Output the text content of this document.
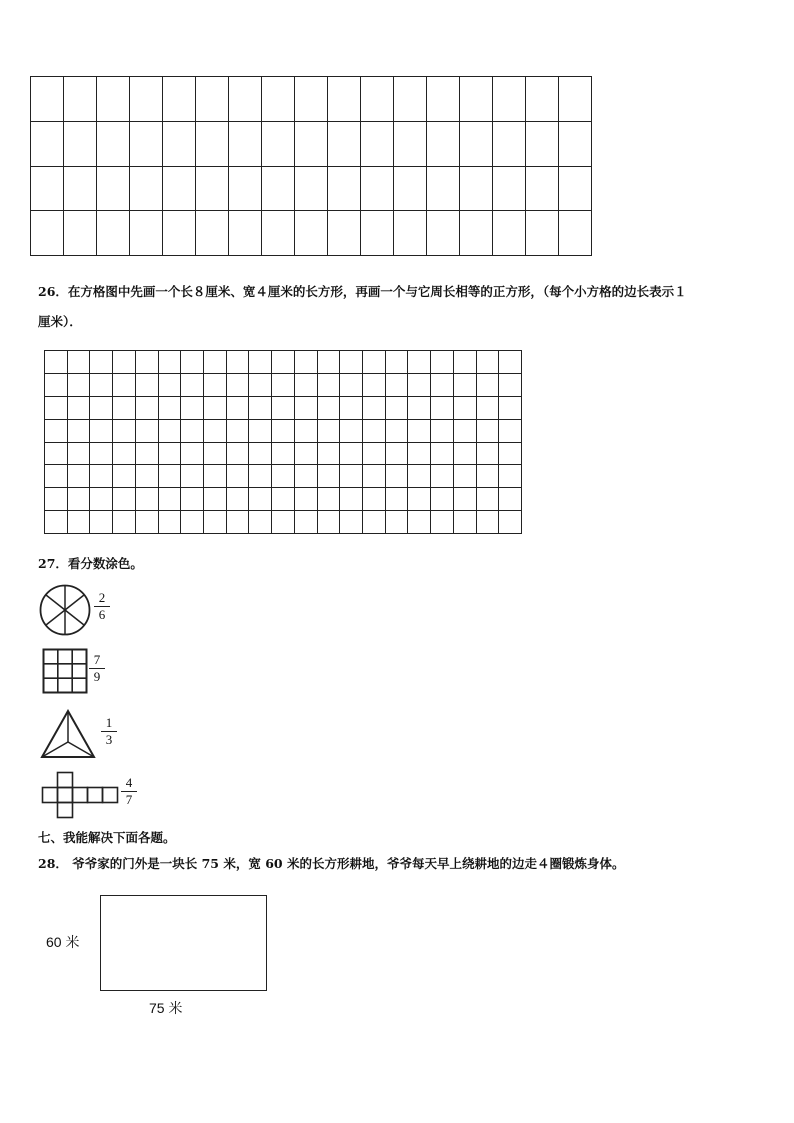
26．在方格图中先画一个长８厘米、宽４厘米的长方形，再画一个与它周长相等的正方形，（每个小方格的边长表示１
厘米）．
27．看分数涂色。
2
6
7
9
1
3
4
7
七、我能解决下面各题。
28． 爷爷家的门外是一块长 75 米，宽 60 米的长方形耕地，爷爷每天早上绕耕地的边走４圈锻炼身体。
60 米
75 米
